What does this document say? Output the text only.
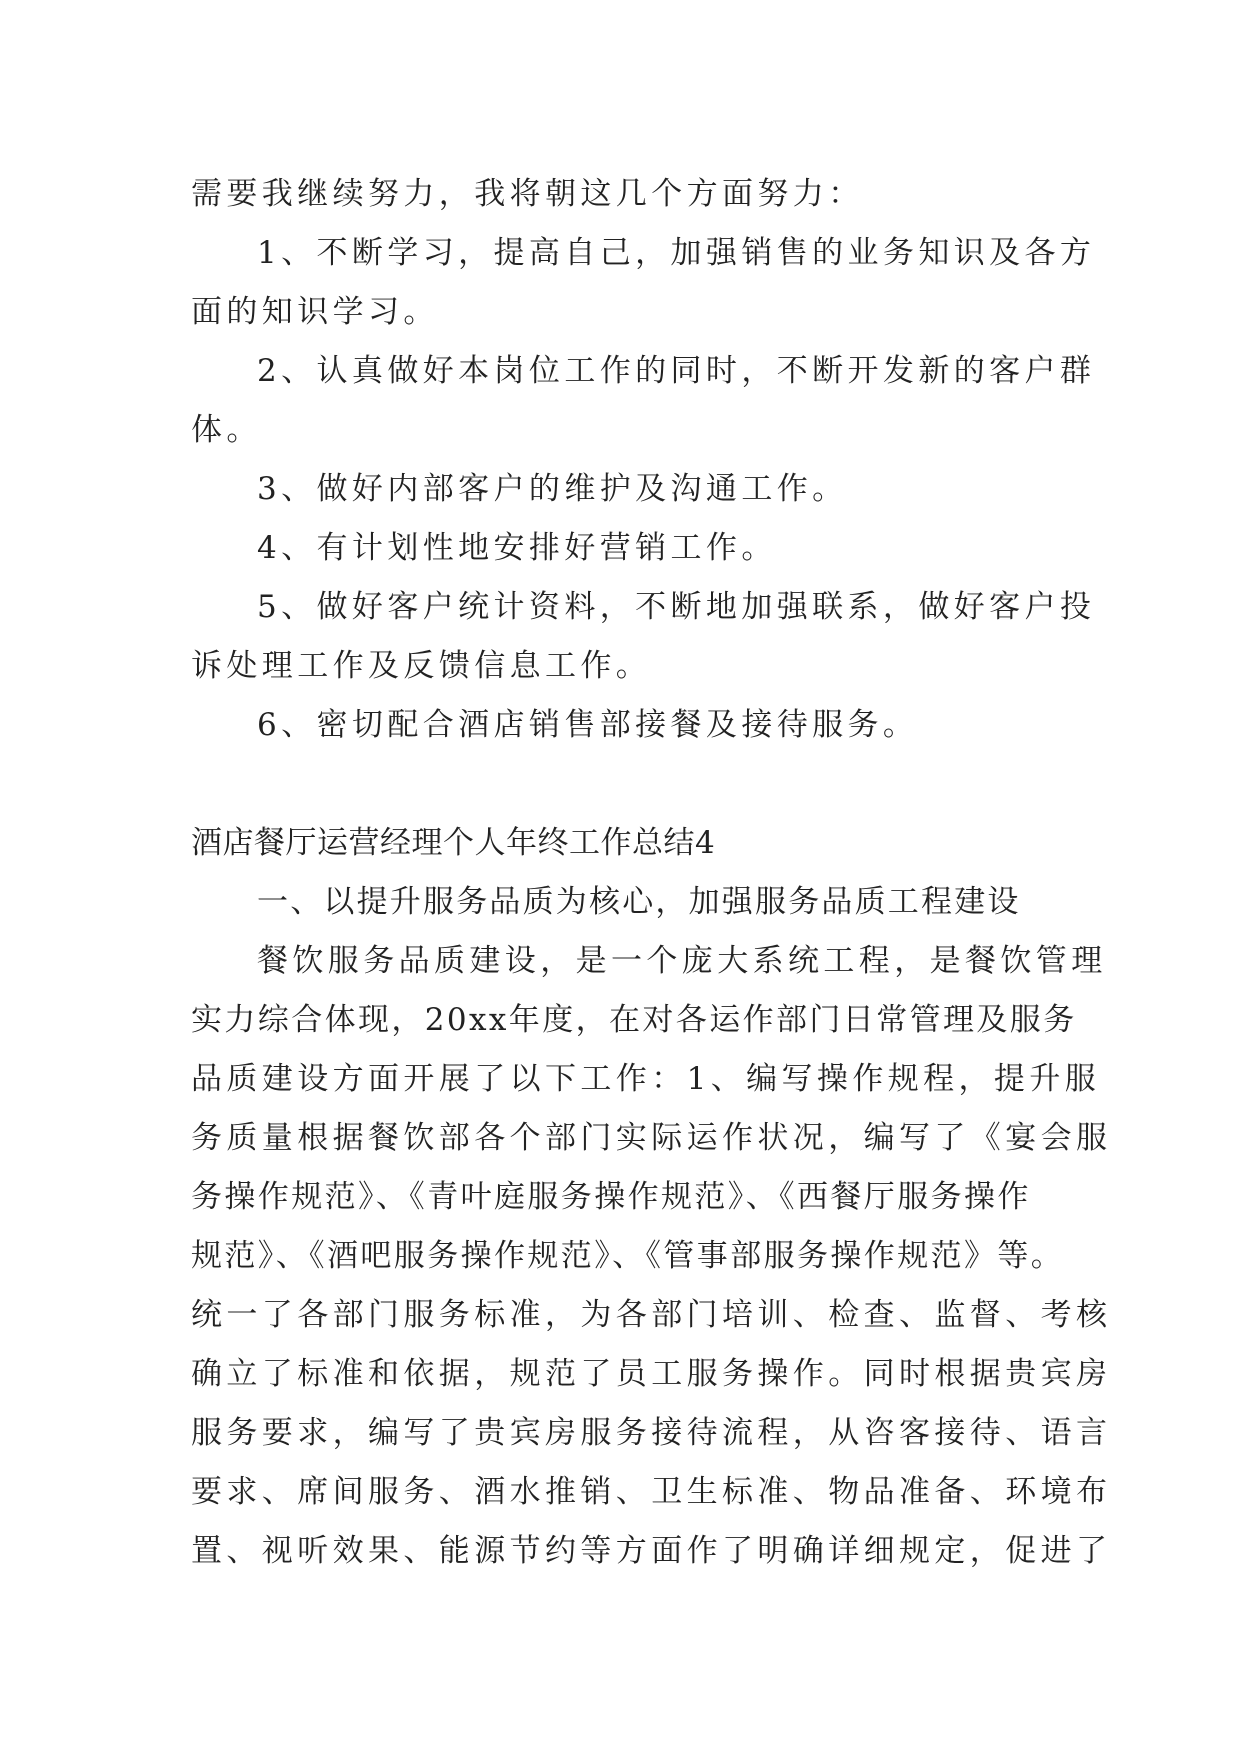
需要我继续努力，我将朝这几个方面努力：
1、不断学习，提高自己，加强销售的业务知识及各方
面的知识学习。
2、认真做好本岗位工作的同时，不断开发新的客户群
体。
3、做好内部客户的维护及沟通工作。
4、有计划性地安排好营销工作。
5、做好客户统计资料，不断地加强联系，做好客户投
诉处理工作及反馈信息工作。
6、密切配合酒店销售部接餐及接待服务。
酒店餐厅运营经理个人年终工作总结4
一、以提升服务品质为核心，加强服务品质工程建设
餐饮服务品质建设，是一个庞大系统工程，是餐饮管理
实力综合体现，20xx年度，在对各运作部门日常管理及服务
品质建设方面开展了以下工作：1、编写操作规程，提升服
务质量根据餐饮部各个部门实际运作状况，编写了《宴会服
务操作规范》、《青叶庭服务操作规范》、《西餐厅服务操作
规范》、《酒吧服务操作规范》、《管事部服务操作规范》等。
统一了各部门服务标准，为各部门培训、检查、监督、考核
确立了标准和依据，规范了员工服务操作。同时根据贵宾房
服务要求，编写了贵宾房服务接待流程，从咨客接待、语言
要求、席间服务、酒水推销、卫生标准、物品准备、环境布
置、视听效果、能源节约等方面作了明确详细规定，促进了
